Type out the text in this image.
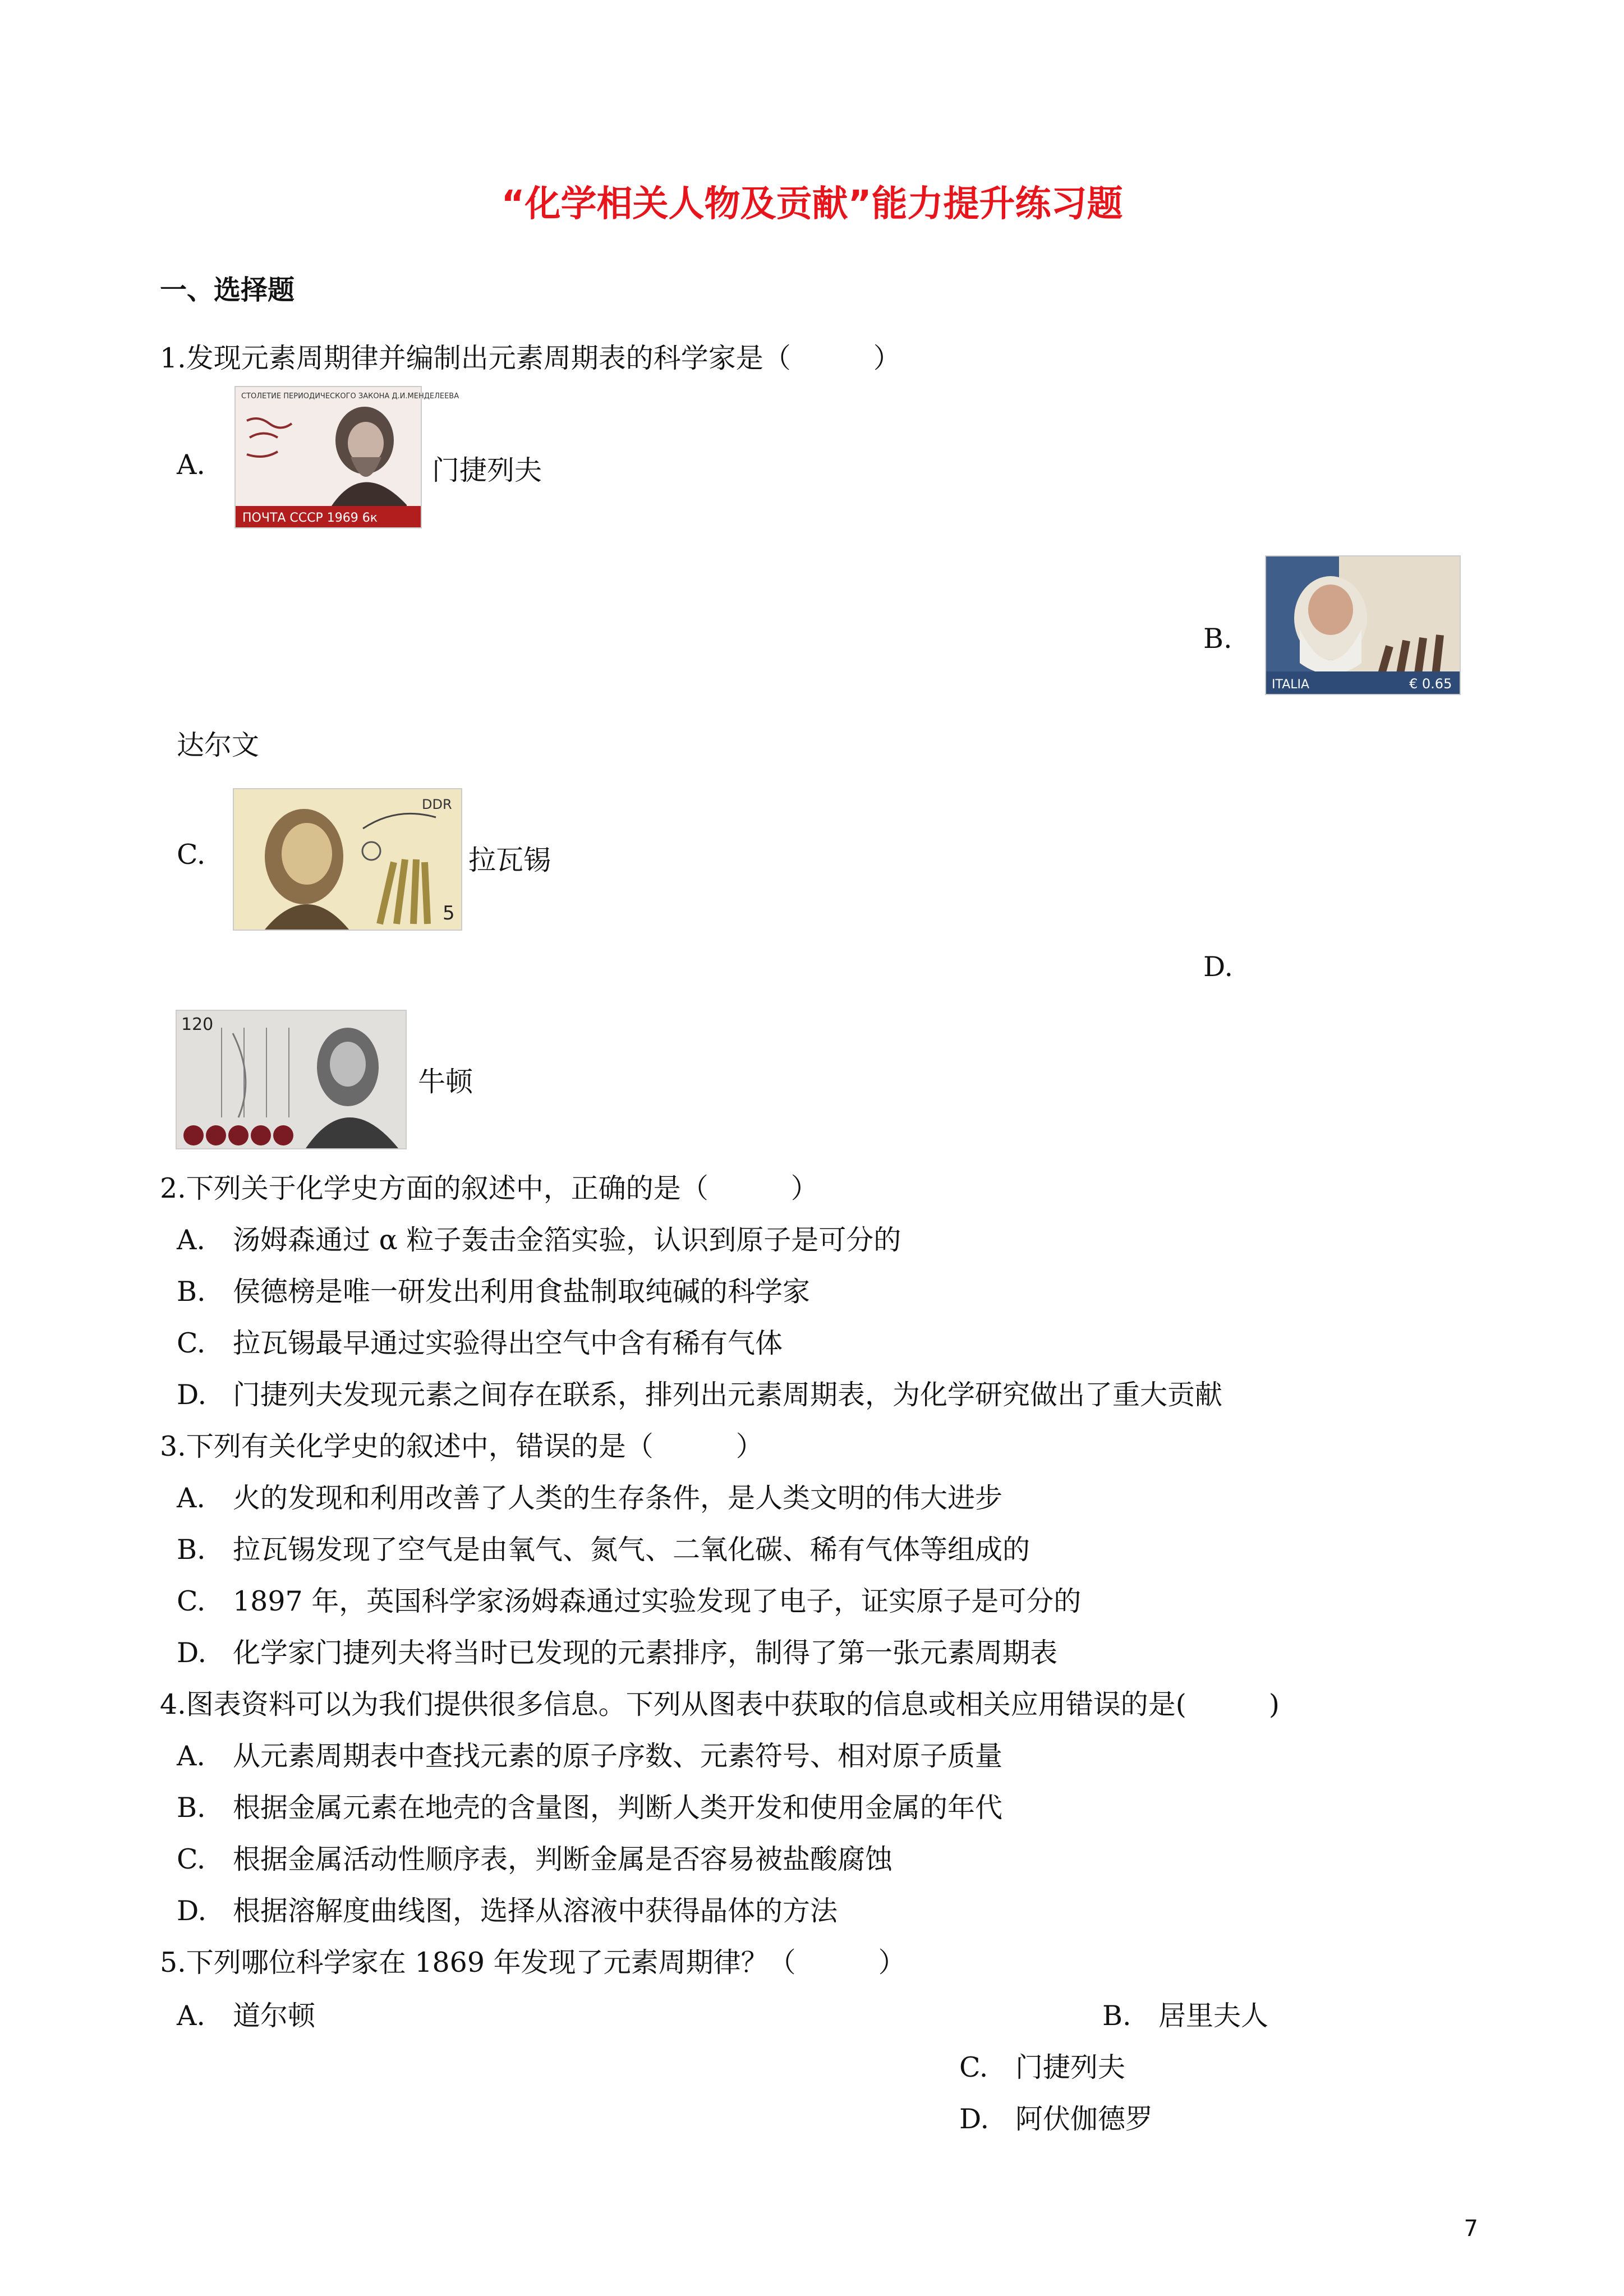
“化学相关人物及贡献”能力提升练习题
一、选择题
1.发现元素周期律并编制出元素周期表的科学家是（　　　）
A.
СТОЛЕТИЕ ПЕРИОДИЧЕСКОГО ЗАКОНА Д.И.МЕНДЕЛЕЕВА
ПОЧТА СССР 1969 6к
门捷列夫
B.
ITALIA	€ 0.65
达尔文
C.
DDR
5
拉瓦锡
D.
120
牛顿
2.下列关于化学史方面的叙述中，正确的是（　　　）
A. 汤姆森通过 α 粒子轰击金箔实验，认识到原子是可分的
B. 侯德榜是唯一研发出利用食盐制取纯碱的科学家
C. 拉瓦锡最早通过实验得出空气中含有稀有气体
D. 门捷列夫发现元素之间存在联系，排列出元素周期表，为化学研究做出了重大贡献
3.下列有关化学史的叙述中，错误的是（　　　）
A. 火的发现和利用改善了人类的生存条件，是人类文明的伟大进步
B. 拉瓦锡发现了空气是由氧气、氮气、二氧化碳、稀有气体等组成的
C. 1897 年，英国科学家汤姆森通过实验发现了电子，证实原子是可分的
D. 化学家门捷列夫将当时已发现的元素排序，制得了第一张元素周期表
4.图表资料可以为我们提供很多信息。下列从图表中获取的信息或相关应用错误的是(　　　)
A. 从元素周期表中查找元素的原子序数、元素符号、相对原子质量
B. 根据金属元素在地壳的含量图，判断人类开发和使用金属的年代
C. 根据金属活动性顺序表，判断金属是否容易被盐酸腐蚀
D. 根据溶解度曲线图，选择从溶液中获得晶体的方法
5.下列哪位科学家在 1869 年发现了元素周期律？（　　　）
A. 道尔顿	B. 居里夫人
C. 门捷列夫
D. 阿伏伽德罗
7
